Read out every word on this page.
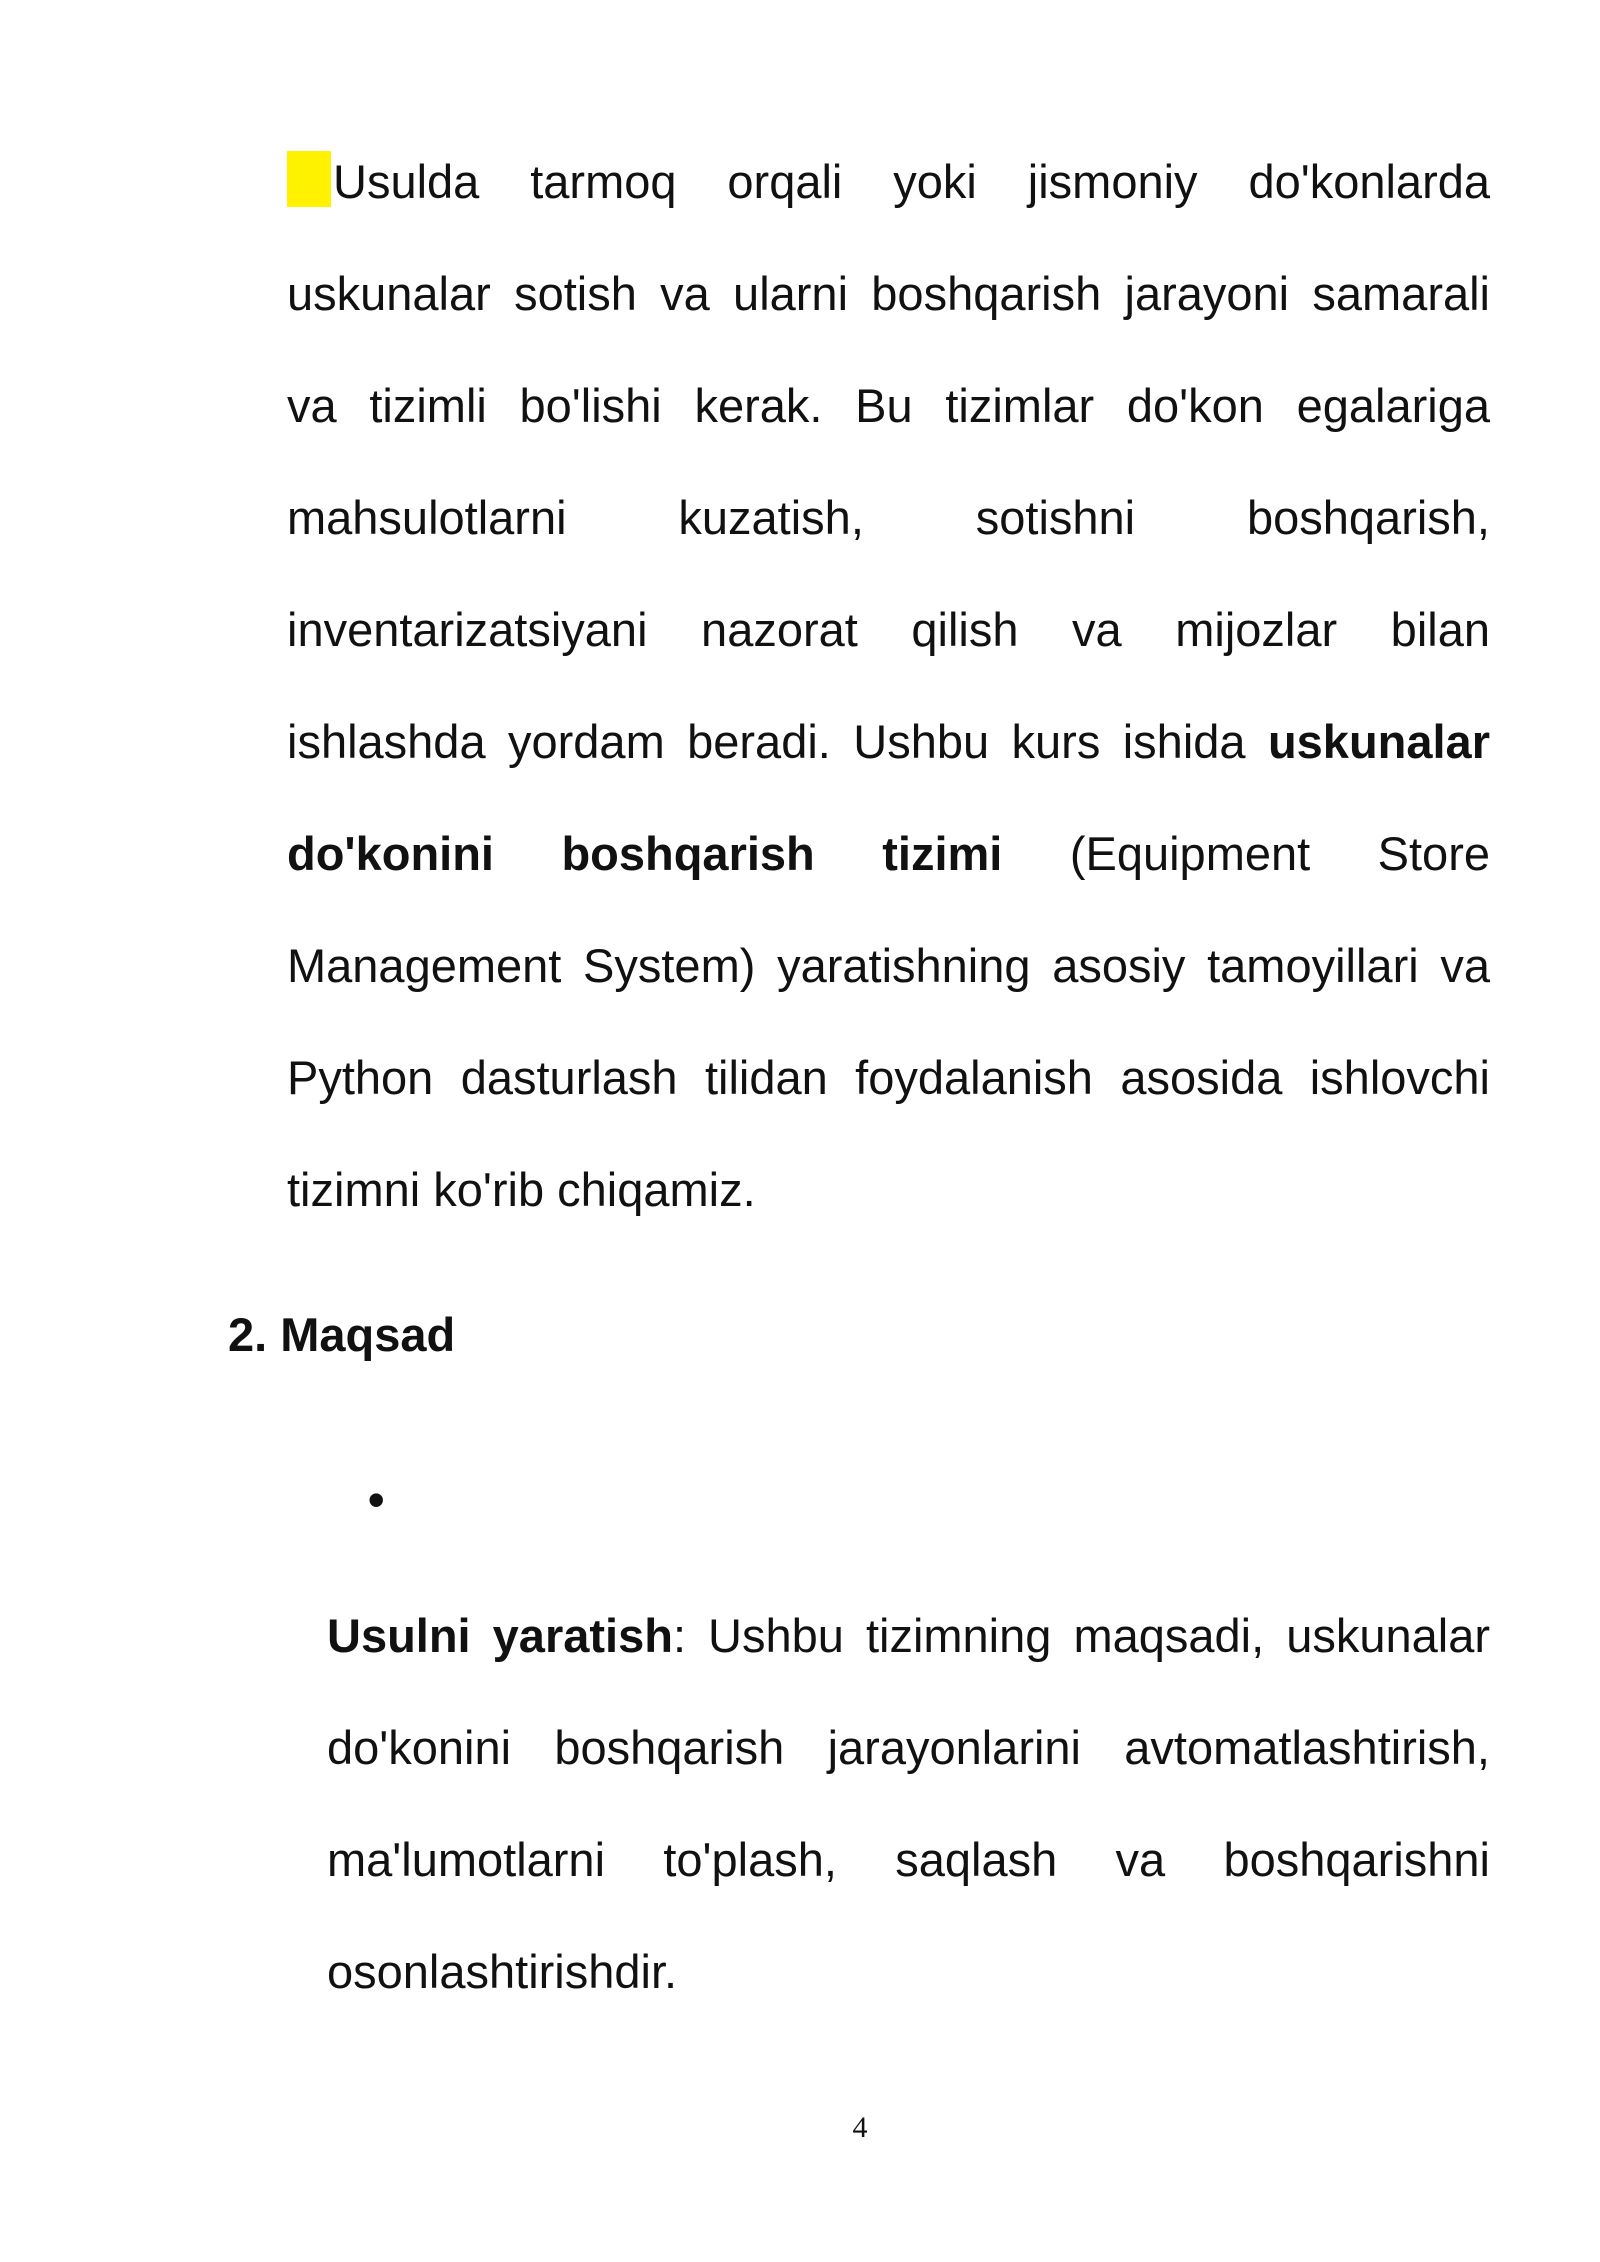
Usulda tarmoq orqali yoki jismoniy do'konlarda uskunalar sotish va ularni boshqarish jarayoni samarali va tizimli bo'lishi kerak. Bu tizimlar do'kon egalariga mahsulotlarni kuzatish, sotishni boshqarish, inventarizatsiyani nazorat qilish va mijozlar bilan ishlashda yordam beradi. Ushbu kurs ishida uskunalar do'konini boshqarish tizimi (Equipment Store Management System) yaratishning asosiy tamoyillari va Python dasturlash tilidan foydalanish asosida ishlovchi tizimni ko'rib chiqamiz.

2. Maqsad
•

Usulni yaratish: Ushbu tizimning maqsadi, uskunalar do'konini boshqarish jarayonlarini avtomatlashtirish, ma'lumotlarni to'plash, saqlash va boshqarishni osonlashtirishdir.

4
